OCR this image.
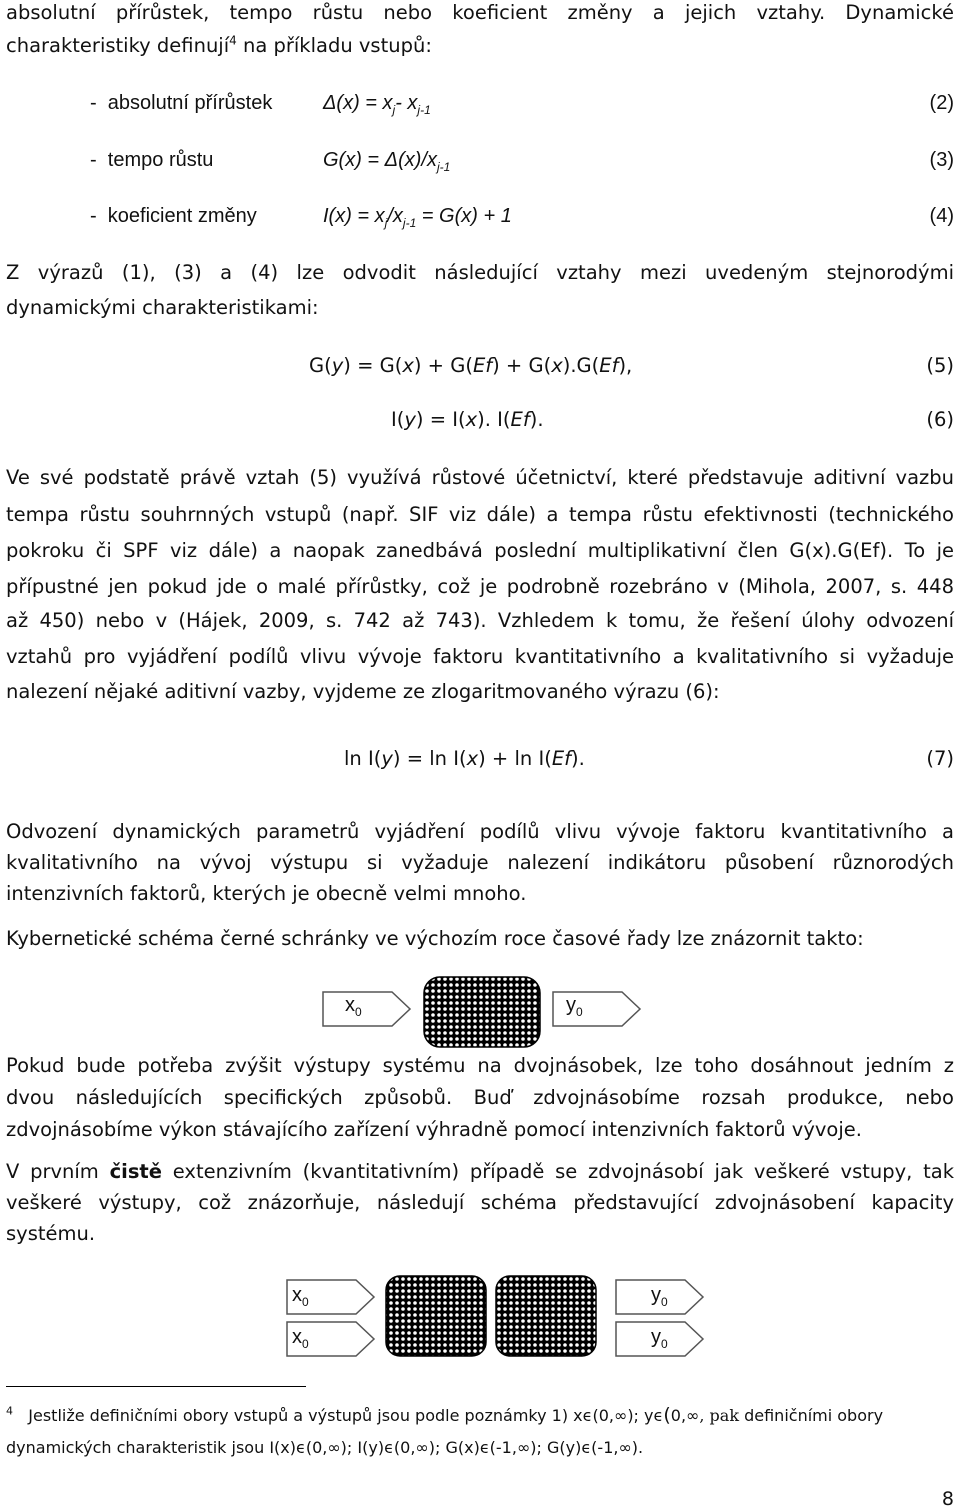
absolutní přírůstek, tempo růstu nebo koeficient změny a jejich vztahy. Dynamické
charakteristiky definují$^4$ na příkladu vstupů:
- absolutní přírůstek	$\Delta(x) = x_j-$ $x_{j-1}$	(2)
- tempo růstu	$G(x) = \Delta(x)/x_{j-1}$	(3)
- koeficient změny	$I(x) = x_j/x_{j-1} = G(x) + 1$	(4)
Z výrazů (1), (3) a (4) lze odvodit následující vztahy mezi uvedeným stejnorodými
dynamickými charakteristikami:
G(y) = G(x) + G(Ef) + G(x).G(Ef),	(5)
I(y) = I(x). I(Ef).	(6)
Ve své podstatě právě vztah (5) využívá růstové účetnictví, které představuje aditivní vazbu
tempa růstu souhrnných vstupů (např. SIF viz dále) a tempa růstu efektivnosti (technického
pokroku či SPF viz dále) a naopak zanedbává poslední multiplikativní člen G(x).G(Ef). To je
přípustné jen pokud jde o malé přírůstky, což je podrobně rozebráno v (Mihola, 2007, s. 448
až 450) nebo v (Hájek, 2009, s. 742 až 743). Vzhledem k tomu, že řešení úlohy odvození
vztahů pro vyjádření podílů vlivu vývoje faktoru kvantitativního a kvalitativního si vyžaduje
nalezení nějaké aditivní vazby, vyjdeme ze zlogaritmovaného výrazu (6):
ln I(y) = ln I(x) + ln I(Ef).	(7)
Odvození dynamických parametrů vyjádření podílů vlivu vývoje faktoru kvantitativního a
kvalitativního na vývoj výstupu si vyžaduje nalezení indikátoru působení různorodých
intenzivních faktorů, kterých je obecně velmi mnoho.
Kybernetické schéma černé schránky ve výchozím roce časové řady lze znázornit takto:
$x_0$	$y_0$
Pokud bude potřeba zvýšit výstupy systému na dvojnásobek, lze toho dosáhnout jedním z
dvou následujících specifických způsobů. Buď zdvojnásobíme rozsah produkce, nebo
zdvojnásobíme výkon stávajícího zařízení výhradně pomocí intenzivních faktorů vývoje.
V prvním čistě extenzivním (kvantitativním) případě se zdvojnásobí jak veškeré vstupy, tak
veškeré výstupy, což znázorňuje, následují schéma představující zdvojnásobení kapacity
systému.
$x_0$
$x_0$
$y_0$
$y_0$
$^4$ Jestliže definičními obory vstupů a výstupů jsou podle poznámky 1) xϵ(0,∞); yϵ(0,∞, pak definičními obory
dynamických charakteristik jsou I(x)ϵ(0,∞); I(y)ϵ(0,∞); G(x)ϵ(-1,∞); G(y)ϵ(-1,∞).
8
